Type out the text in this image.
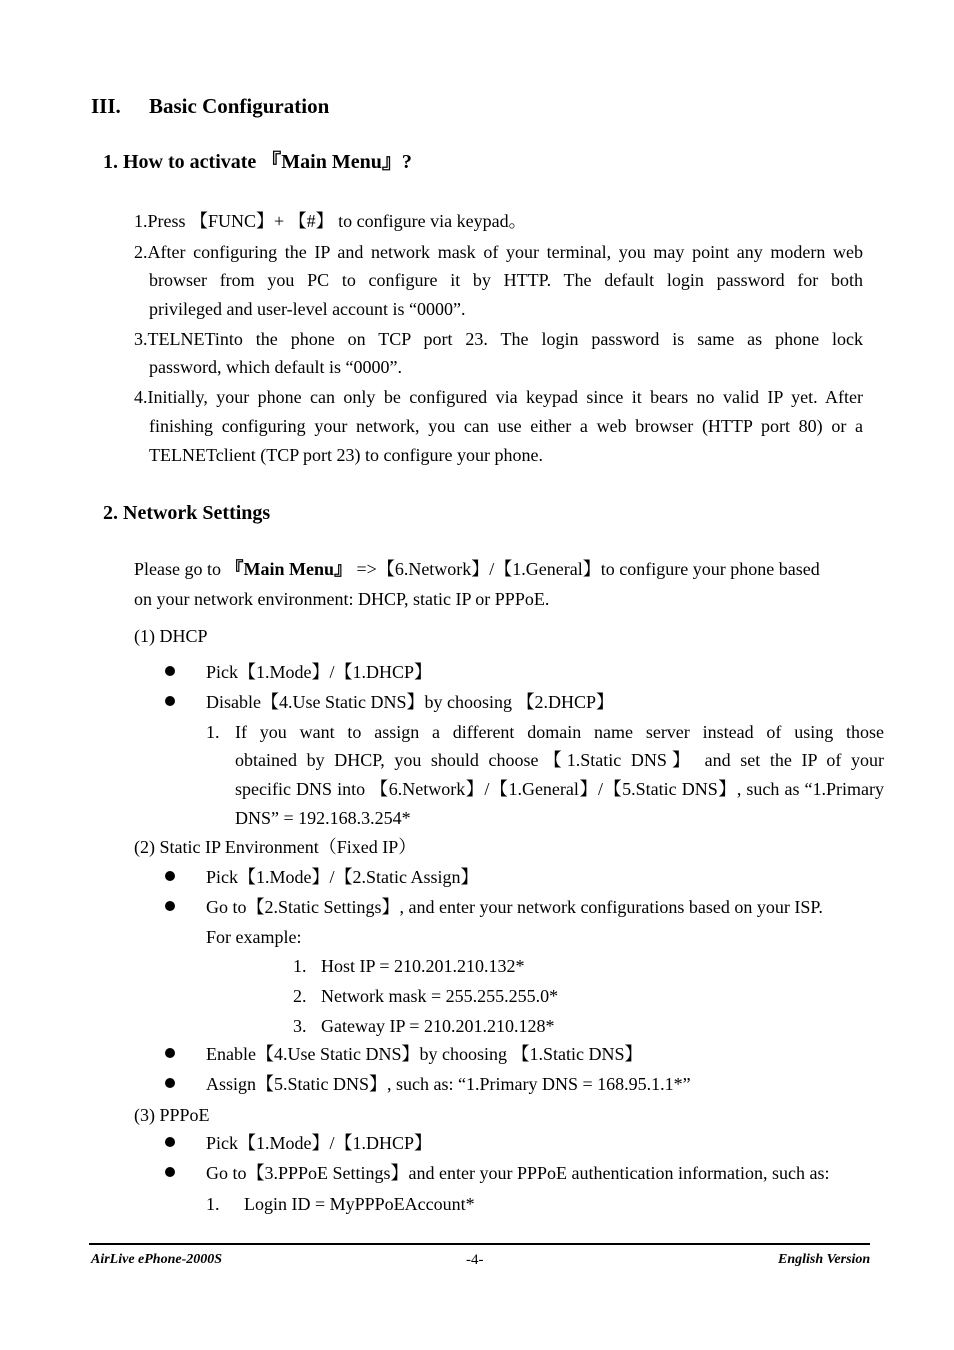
III. Basic Configuration
1. How to activate 『Main Menu』?
1.Press 【FUNC】+ 【#】 to configure via keypad。
2.After configuring the IP and network mask of your terminal, you may point any modern web
browser from you PC to configure it by HTTP. The default login password for both
privileged and user-level account is “0000”.
3.TELNETinto the phone on TCP port 23. The login password is same as phone lock
password, which default is “0000”.
4.Initially, your phone can only be configured via keypad since it bears no valid IP yet. After
finishing configuring your network, you can use either a web browser (HTTP port 80) or a
TELNETclient (TCP port 23) to configure your phone.
2. Network Settings
Please go to 『Main Menu』 =>【6.Network】/【1.General】to configure your phone based
on your network environment: DHCP, static IP or PPPoE.
(1) DHCP
Pick【1.Mode】/【1.DHCP】
Disable【4.Use Static DNS】by choosing 【2.DHCP】
1. If you want to assign a different domain name server instead of using those
obtained by DHCP, you should choose【1.Static DNS】 and set the IP of your
specific DNS into 【6.Network】/【1.General】/【5.Static DNS】, such as “1.Primary
DNS” = 192.168.3.254*
(2) Static IP Environment（Fixed IP）
Pick【1.Mode】/【2.Static Assign】
Go to【2.Static Settings】, and enter your network configurations based on your ISP.
For example:
1. Host IP = 210.201.210.132*
2. Network mask = 255.255.255.0*
3. Gateway IP = 210.201.210.128*
Enable【4.Use Static DNS】by choosing 【1.Static DNS】
Assign【5.Static DNS】, such as: “1.Primary DNS = 168.95.1.1*”
(3) PPPoE
Pick【1.Mode】/【1.DHCP】
Go to【3.PPPoE Settings】and enter your PPPoE authentication information, such as:
1. Login ID = MyPPPoEAccount*
AirLive ePhone-2000S	-4-	English Version
